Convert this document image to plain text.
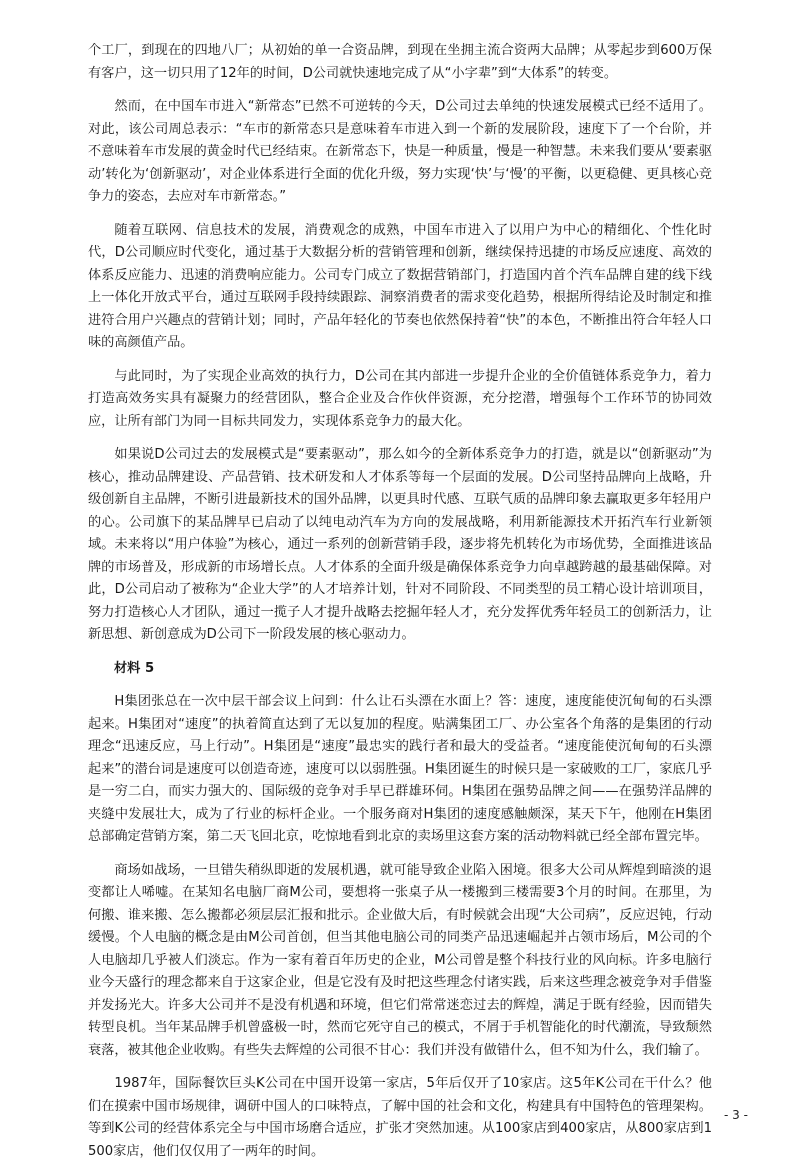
个工厂，到现在的四地八厂；从初始的单一合资品牌，到现在坐拥主流合资两大品牌；从零起步到600万保有客户，这一切只用了12年的时间，D公司就快速地完成了从“小字辈”到“大体系”的转变。

然而，在中国车市进入“新常态”已然不可逆转的今天，D公司过去单纯的快速发展模式已经不适用了。对此，该公司周总表示：“车市的新常态只是意味着车市进入到一个新的发展阶段，速度下了一个台阶，并不意味着车市发展的黄金时代已经结束。在新常态下，快是一种质量，慢是一种智慧。未来我们要从‘要素驱动’转化为‘创新驱动’，对企业体系进行全面的优化升级，努力实现‘快’与‘慢’的平衡，以更稳健、更具核心竞争力的姿态，去应对车市新常态。”

随着互联网、信息技术的发展，消费观念的成熟，中国车市进入了以用户为中心的精细化、个性化时代，D公司顺应时代变化，通过基于大数据分析的营销管理和创新，继续保持迅捷的市场反应速度、高效的体系反应能力、迅速的消费响应能力。公司专门成立了数据营销部门，打造国内首个汽车品牌自建的线下线上一体化开放式平台，通过互联网手段持续跟踪、洞察消费者的需求变化趋势，根据所得结论及时制定和推进符合用户兴趣点的营销计划；同时，产品年轻化的节奏也依然保持着“快”的本色，不断推出符合年轻人口味的高颜值产品。

与此同时，为了实现企业高效的执行力，D公司在其内部进一步提升企业的全价值链体系竞争力，着力打造高效务实具有凝聚力的经营团队，整合企业及合作伙伴资源，充分挖潜，增强每个工作环节的协同效应，让所有部门为同一目标共同发力，实现体系竞争力的最大化。

如果说D公司过去的发展模式是“要素驱动”，那么如今的全新体系竞争力的打造，就是以“创新驱动”为核心，推动品牌建设、产品营销、技术研发和人才体系等每一个层面的发展。D公司坚持品牌向上战略，升级创新自主品牌，不断引进最新技术的国外品牌，以更具时代感、互联气质的品牌印象去赢取更多年轻用户的心。公司旗下的某品牌早已启动了以纯电动汽车为方向的发展战略，利用新能源技术开拓汽车行业新领域。未来将以“用户体验”为核心，通过一系列的创新营销手段，逐步将先机转化为市场优势，全面推进该品牌的市场普及，形成新的市场增长点。人才体系的全面升级是确保体系竞争力向卓越跨越的最基础保障。对此，D公司启动了被称为“企业大学”的人才培养计划，针对不同阶段、不同类型的员工精心设计培训项目，努力打造核心人才团队，通过一揽子人才提升战略去挖掘年轻人才，充分发挥优秀年轻员工的创新活力，让新思想、新创意成为D公司下一阶段发展的核心驱动力。

材料 5

H集团张总在一次中层干部会议上问到：什么让石头漂在水面上？答：速度，速度能使沉甸甸的石头漂起来。H集团对“速度”的执着简直达到了无以复加的程度。贴满集团工厂、办公室各个角落的是集团的行动理念“迅速反应，马上行动”。H集团是“速度”最忠实的践行者和最大的受益者。“速度能使沉甸甸的石头漂起来”的潜台词是速度可以创造奇迹，速度可以以弱胜强。H集团诞生的时候只是一家破败的工厂，家底几乎是一穷二白，而实力强大的、国际级的竞争对手早已群雄环伺。H集团在强势品牌之间——在强势洋品牌的夹缝中发展壮大，成为了行业的标杆企业。一个服务商对H集团的速度感触颇深，某天下午，他刚在H集团总部确定营销方案，第二天飞回北京，吃惊地看到北京的卖场里这套方案的活动物料就已经全部布置完毕。

商场如战场，一旦错失稍纵即逝的发展机遇，就可能导致企业陷入困境。很多大公司从辉煌到暗淡的退变都让人唏嘘。在某知名电脑厂商M公司，要想将一张桌子从一楼搬到三楼需要3个月的时间。在那里，为何搬、谁来搬、怎么搬都必须层层汇报和批示。企业做大后，有时候就会出现“大公司病”，反应迟钝，行动缓慢。个人电脑的概念是由M公司首创，但当其他电脑公司的同类产品迅速崛起并占领市场后，M公司的个人电脑却几乎被人们淡忘。作为一家有着百年历史的企业，M公司曾是整个科技行业的风向标。许多电脑行业今天盛行的理念都来自于这家企业，但是它没有及时把这些理念付诸实践，后来这些理念被竞争对手借鉴并发扬光大。许多大公司并不是没有机遇和环境，但它们常常迷恋过去的辉煌，满足于既有经验，因而错失转型良机。当年某品牌手机曾盛极一时，然而它死守自己的模式，不屑于手机智能化的时代潮流，导致颓然衰落，被其他企业收购。有些失去辉煌的公司很不甘心：我们并没有做错什么，但不知为什么，我们输了。

1987年，国际餐饮巨头K公司在中国开设第一家店，5年后仅开了10家店。这5年K公司在干什么？他们在摸索中国市场规律，调研中国人的口味特点，了解中国的社会和文化，构建具有中国特色的管理架构。等到K公司的经营体系完全与中国市场磨合适应，扩张才突然加速。从100家店到400家店，从800家店到1500家店，他们仅仅用了一两年的时间。

- 3 -
